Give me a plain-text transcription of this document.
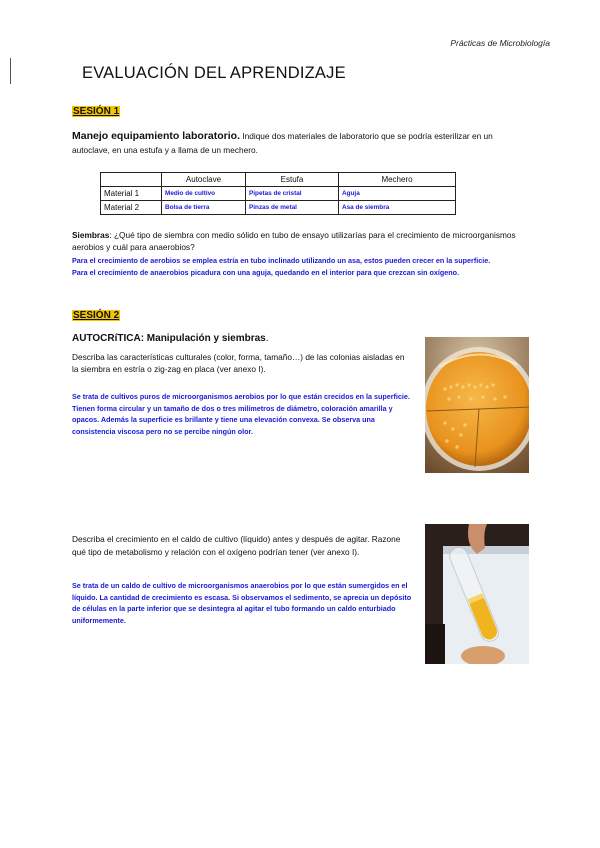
Prácticas de Microbiología
EVALUACIÓN DEL APRENDIZAJE
SESIÓN 1
Manejo equipamiento laboratorio. Indique dos materiales de laboratorio que se podría esterilizar en un autoclave, en una estufa y a llama de un mechero.
	Autoclave	Estufa	Mechero
Material 1	Medio de cultivo	Pipetas de cristal	Aguja
Material 2	Bolsa de tierra	Pinzas de metal	Asa de siembra
Siembras: ¿Qué tipo de siembra con medio sólido en tubo de ensayo utilizarías para el crecimiento de microorganismos aerobios y cuál para anaerobios?
Para el crecimiento de aerobios se emplea estría en tubo inclinado utilizando un asa, estos pueden crecer en la superficie.
Para el crecimiento de anaerobios picadura con una aguja, quedando en el interior para que crezcan sin oxígeno.
SESIÓN 2
AUTOCRíTICA: Manipulación y siembras.
Describa las características culturales (color, forma, tamaño…) de las colonias aisladas en la siembra en estría o zig-zag en placa (ver anexo I).
Se trata de cultivos puros de microorganismos aerobios por lo que están crecidos en la superficie. Tienen forma circular y un tamaño de dos o tres milímetros de diámetro, coloración amarilla y opacos. Además la superficie es brillante y tiene una elevación convexa. Se observa una consistencia viscosa pero no se percibe ningún olor.
Describa el crecimiento en el caldo de cultivo (líquido) antes y después de agitar. Razone qué tipo de metabolismo y relación con el oxígeno podrían tener (ver anexo I).
Se trata de un caldo de cultivo de microorganismos anaerobios por lo que están sumergidos en el líquido. La cantidad de crecimiento es escasa. Si observamos el sedimento, se aprecia un depósito de células en la parte inferior que se desintegra al agitar el tubo formando un caldo enturbiado uniformemente.
